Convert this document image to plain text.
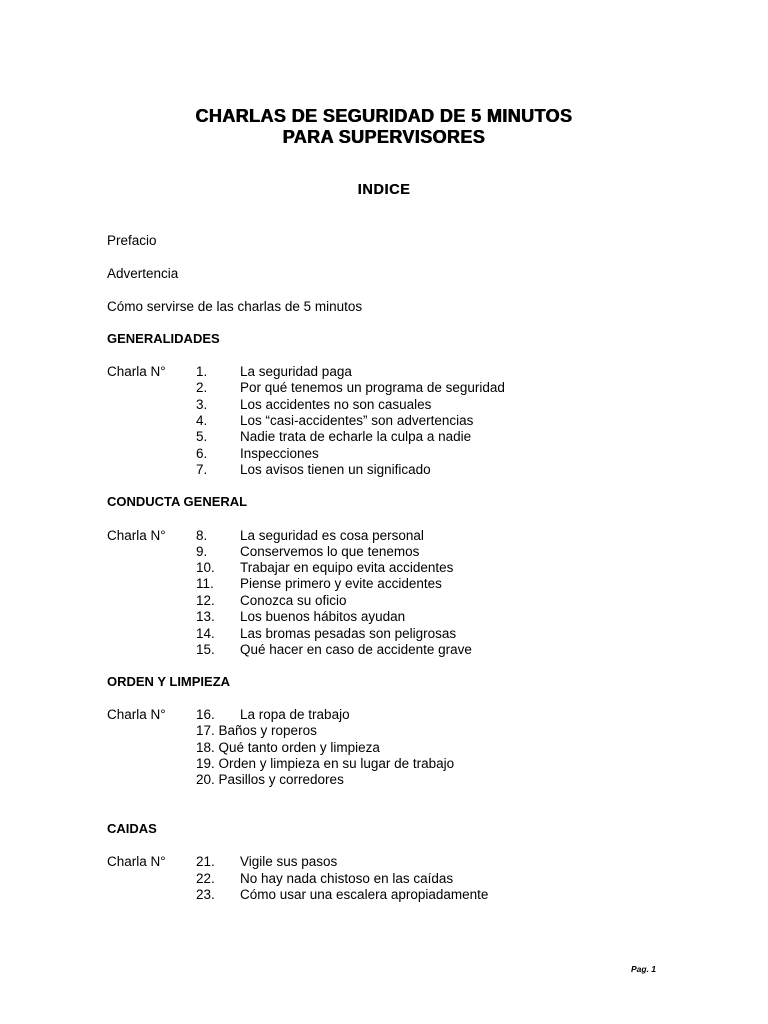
CHARLAS DE SEGURIDAD DE 5 MINUTOS
PARA SUPERVISORES
INDICE
Prefacio
Advertencia
Cómo servirse de las charlas de 5 minutos
GENERALIDADES
Charla N° 1. La seguridad paga
2. Por qué tenemos un programa de seguridad
3. Los accidentes no son casuales
4. Los “casi-accidentes” son advertencias
5. Nadie trata de echarle la culpa a nadie
6. Inspecciones
7. Los avisos tienen un significado
CONDUCTA GENERAL
Charla N° 8. La seguridad es cosa personal
9. Conservemos lo que tenemos
10. Trabajar en equipo evita accidentes
11. Piense primero y evite accidentes
12. Conozca su oficio
13. Los buenos hábitos ayudan
14. Las bromas pesadas son peligrosas
15. Qué hacer en caso de accidente grave
ORDEN Y LIMPIEZA
Charla N° 16. La ropa de trabajo
17. Baños y roperos
18. Qué tanto orden y limpieza
19. Orden y limpieza en su lugar de trabajo
20. Pasillos y corredores
CAIDAS
Charla N° 21. Vigile sus pasos
22. No hay nada chistoso en las caídas
23. Cómo usar una escalera apropiadamente
Pag. 1
